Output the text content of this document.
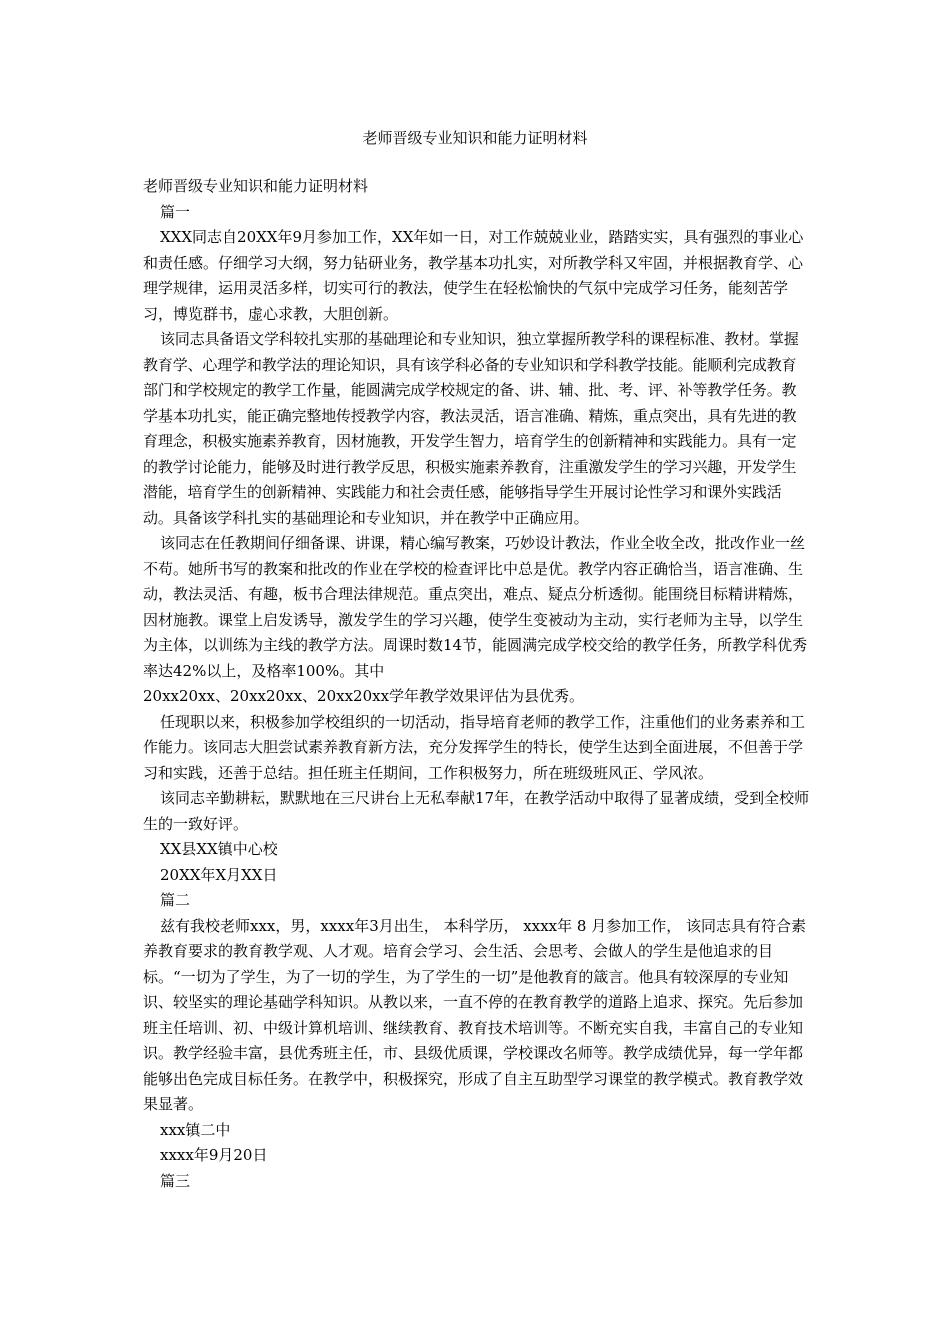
老师晋级专业知识和能力证明材料

老师晋级专业知识和能力证明材料

篇一

XXX同志自20XX年9月参加工作，XX年如一日，对工作兢兢业业，踏踏实实，具有强烈的事业心和责任感。仔细学习大纲，努力钻研业务，教学基本功扎实，对所教学科又牢固，并根据教育学、心理学规律，运用灵活多样，切实可行的教法，使学生在轻松愉快的气氛中完成学习任务，能刻苦学习，博览群书，虚心求教，大胆创新。

该同志具备语文学科较扎实那的基础理论和专业知识，独立掌握所教学科的课程标准、教材。掌握教育学、心理学和教学法的理论知识，具有该学科必备的专业知识和学科教学技能。能顺利完成教育部门和学校规定的教学工作量，能圆满完成学校规定的备、讲、辅、批、考、评、补等教学任务。教学基本功扎实，能正确完整地传授教学内容，教法灵活，语言准确、精炼，重点突出，具有先进的教育理念，积极实施素养教育，因材施教，开发学生智力，培育学生的创新精神和实践能力。具有一定的教学讨论能力，能够及时进行教学反思，积极实施素养教育，注重激发学生的学习兴趣，开发学生潜能，培育学生的创新精神、实践能力和社会责任感，能够指导学生开展讨论性学习和课外实践活动。具备该学科扎实的基础理论和专业知识，并在教学中正确应用。

该同志在任教期间仔细备课、讲课，精心编写教案，巧妙设计教法，作业全收全改，批改作业一丝不苟。她所书写的教案和批改的作业在学校的检查评比中总是优。教学内容正确恰当，语言准确、生动，教法灵活、有趣，板书合理法律规范。重点突出，难点、疑点分析透彻。能围绕目标精讲精炼，因材施教。课堂上启发诱导，激发学生的学习兴趣，使学生变被动为主动，实行老师为主导，以学生为主体，以训练为主线的教学方法。周课时数14节，能圆满完成学校交给的教学任务，所教学科优秀率达42%以上，及格率100%。其中

20xx20xx、20xx20xx、20xx20xx学年教学效果评估为县优秀。

任现职以来，积极参加学校组织的一切活动，指导培育老师的教学工作，注重他们的业务素养和工作能力。该同志大胆尝试素养教育新方法，充分发挥学生的特长，使学生达到全面进展，不但善于学习和实践，还善于总结。担任班主任期间，工作积极努力，所在班级班风正、学风浓。

该同志辛勤耕耘，默默地在三尺讲台上无私奉献17年，在教学活动中取得了显著成绩，受到全校师生的一致好评。

XX县XX镇中心校

20XX年X月XX日

篇二

兹有我校老师xxx，男，xxxx年3月出生， 本科学历， xxxx年 8 月参加工作， 该同志具有符合素养教育要求的教育教学观、人才观。培育会学习、会生活、会思考、会做人的学生是他追求的目标。“一切为了学生，为了一切的学生，为了学生的一切”是他教育的箴言。他具有较深厚的专业知识、较坚实的理论基础学科知识。从教以来，一直不停的在教育教学的道路上追求、探究。先后参加班主任培训、初、中级计算机培训、继续教育、教育技术培训等。不断充实自我，丰富自己的专业知识。教学经验丰富，县优秀班主任，市、县级优质课，学校课改名师等。教学成绩优异，每一学年都能够出色完成目标任务。在教学中，积极探究，形成了自主互助型学习课堂的教学模式。教育教学效果显著。

xxx镇二中

xxxx年9月20日

篇三
